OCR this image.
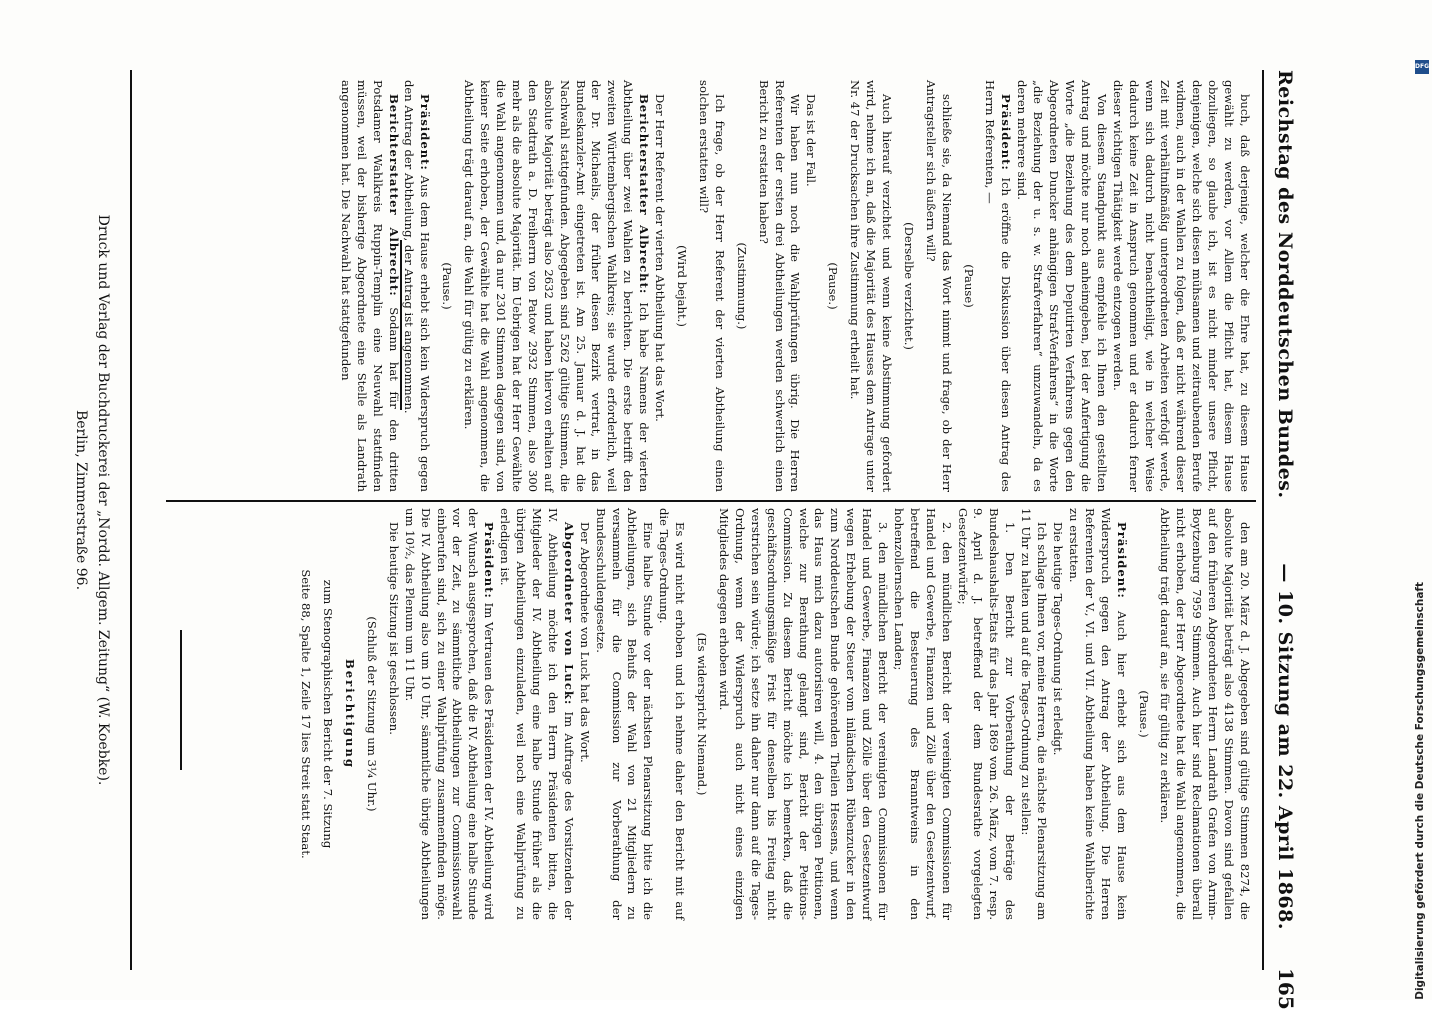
Reichstag des Norddeutschen Bundes.
— 10. Sitzung am 22. April 1868.
165

buch, daß derjenige, welcher die Ehre hat, zu diesem Hause gewählt zu werden, vor Allem die Pflicht hat, diesem Hause obzuliegen, so glaube ich, ist es nicht minder unsere Pflicht, denjenigen, welche sich diesen mühsamen und zeitraubenden Berufe widmen, auch in der Wahlen zu folgen, daß er nicht während dieser Zeit mit verhältnißmäßig untergeordneten Arbeiten verfolgt werde, wenn sich dadurch nicht benachtheiligt, wie in welcher Weise dadurch keine Zeit in Anspruch genommen und er dadurch ferner dieser wichtigen Thätigkeit werde entzogen werden.

Von diesem Standpunkt aus empfehle ich Ihnen den gestellten Antrag und möchte nur noch anheimgeben, bei der Anfertigung die Worte „die Beziehung des dem Deputirten Verfahrens gegen den Abgeordneten Duncker anhängigen Straf-Verfahrens“ in die Worte „die Beziehung der u. s. w. Strafverfahren“ umzuwandeln, da es deren mehrere sind.

Präsident: Ich eröffne die Diskussion über diesen Antrag des Herrn Referenten, —

(Pause)

schließe sie, da Niemand das Wort nimmt und frage, ob der Herr Antragsteller sich äußern will?

(Derselbe verzichtet.)

Auch hierauf verzichtet und wenn keine Abstimmung gefordert wird, nehme ich an, daß die Majorität des Hauses dem Antrage unter Nr. 47 der Drucksachen ihre Zustimmung ertheilt hat.

(Pause.)

Das ist der Fall.

Wir haben nun noch die Wahlprüfungen übrig. Die Herren Referenten der ersten drei Abtheilungen werden schwerlich einen Bericht zu erstatten haben?

(Zustimmung.)

Ich frage, ob der Herr Referent der vierten Abtheilung einen solchen erstatten will?

(Wird bejaht.)

Der Herr Referent der vierten Abtheilung hat das Wort.

Berichterstatter Albrecht: Ich habe Namens der vierten Abtheilung über zwei Wahlen zu berichten. Die erste betrifft den zweiten Württembergischen Wahlkreis; sie wurde erforderlich, weil der Dr. Michaelis, der früher diesen Bezirk vertrat, in das Bundeskanzler-Amt eingetreten ist. Am 25. Januar d. J. hat die Nachwahl stattgefunden. Abgegeben sind 5262 gültige Stimmen, die absolute Majorität beträgt also 2632 und haben hiervon erhalten auf den Stadtrath a. D. Freiherrn von Patow 2932 Stimmen, also 300 mehr als die absolute Majorität. Im Uebrigen hat der Herr Gewählte die Wahl angenommen und, da nur 2301 Stimmen dagegen sind, von keiner Seite erhoben, der Gewählte hat die Wahl angenommen, die Abtheilung trägt darauf an, die Wahl für gültig zu erklären.

(Pause.)

Präsident: Aus dem Hause erhebt sich kein Widerspruch gegen den Antrag der Abtheilung, der Antrag ist angenommen.

Berichterstatter Albrecht: Sodann hat für den dritten Potsdamer Wahlkreis Ruppin-Templin eine Neuwahl stattfinden müssen, weil der bisherige Abgeordnete eine Stelle als Landrath angenommen hat. Die Nachwahl hat stattgefunden

den am 20. März d. J. Abgegeben sind gültige Stimmen 8274, die absolute Majorität beträgt also 4138 Stimmen. Davon sind gefallen auf den früheren Abgeordneten Herrn Landrath Grafen von Arnim-Boytzenburg 7959 Stimmen. Auch hier sind Reclamationen überall nicht erhoben, der Herr Abgeordnete hat die Wahl angenommen, die Abtheilung trägt darauf an, sie für gültig zu erklären.

(Pause.)

Präsident: Auch hier erhebt sich aus dem Hause kein Widerspruch gegen den Antrag der Abtheilung. Die Herren Referenten der V., VI. und VII. Abtheilung haben keine Wahlberichte zu erstatten.

Die heutige Tages-Ordnung ist erledigt.

Ich schlage Ihnen vor, meine Herren, die nächste Plenarsitzung am 11 Uhr zu halten und auf die Tages-Ordnung zu stellen:

1. Den Bericht zur Vorberathung der Beträge des Bundeshaushalts-Etats für das Jahr 1869 vom 26. März, vom 7. resp. 9. April d. J. betreffend der dem Bundesrathe vorgelegten Gesetzentwürfe;

2. den mündlichen Bericht der vereinigten Commissionen für Handel und Gewerbe, Finanzen und Zölle über den Gesetzentwurf, betreffend die Besteuerung des Branntweins in den hohenzollernschen Landen;

3. den mündlichen Bericht der vereinigten Commissionen für Handel und Gewerbe, Finanzen und Zölle über den Gesetzentwurf wegen Erhebung der Steuer vom inländischen Rübenzucker in den zum Norddeutschen Bunde gehörenden Theilen Hessens, und wenn das Haus mich dazu autorisiren will, 4. den übrigen Petitionen, welche zur Berathung gelangt sind, Bericht der Petitions-Commission. Zu diesem Bericht möchte ich bemerken, daß die geschäftsordnungsmäßige Frist für denselben bis Freitag nicht verstrichen sein würde; ich setze ihn daher nur dann auf die Tages-Ordnung, wenn der Widerspruch auch nicht eines einzigen Mitgliedes dagegen erhoben wird.

(Es widerspricht Niemand.)

Es wird nicht erhoben und ich nehme daher den Bericht mit auf die Tages-Ordnung.

Eine halbe Stunde vor der nächsten Plenarsitzung bitte ich die Abtheilungen, sich Behufs der Wahl von 21 Mitgliedern zu versammeln für die Commission zur Vorberathung der Bundesschuldengesetze.

Der Abgeordnete von Luck hat das Wort.

Abgeordneter von Luck: Im Auftrage des Vorsitzenden der IV. Abtheilung möchte ich den Herrn Präsidenten bitten, die Mitglieder der IV. Abtheilung eine halbe Stunde früher als die übrigen Abtheilungen einzuladen, weil noch eine Wahlprüfung zu erledigen ist.

Präsident: Im Vertrauen des Präsidenten der IV. Abtheilung wird der Wunsch ausgesprochen, daß die IV. Abtheilung eine halbe Stunde vor der Zeit, zu sämmtliche Abtheilungen zur Commissionswahl einberufen sind, sich zu einer Wahlprüfung zusammenfinden möge. Die IV. Abtheilung also um 10 Uhr, sämmtliche übrige Abtheilungen um 10½, das Plenum um 11 Uhr.

Die heutige Sitzung ist geschlossen.

(Schluß der Sitzung um 3¼ Uhr.)

Berichtigung

zum Stenographischen Bericht der 7. Sitzung

Seite 88, Spalte 1, Zeile 17 lies Streit statt Staat.

Druck und Verlag der Buchdruckerei der „Nordd. Allgem. Zeitung“ (W. Koebke).
Berlin, Zimmerstraße 96.
DFG
Digitalisierung gefördert durch die Deutsche Forschungsgemeinschaft
